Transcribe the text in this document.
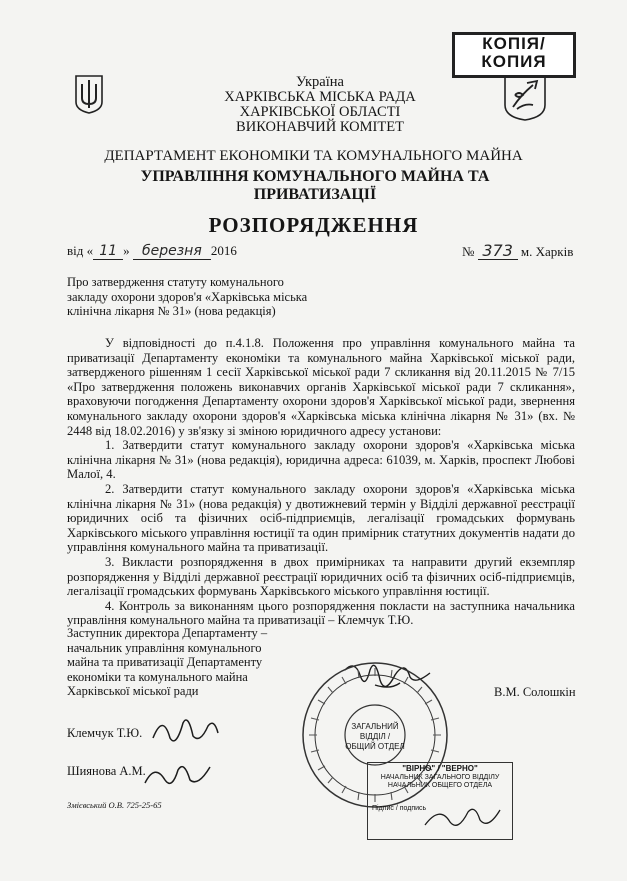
КОПІЯ/
КОПИЯ
Україна
ХАРКІВСЬКА МІСЬКА РАДА
ХАРКІВСЬКОЇ ОБЛАСТІ
ВИКОНАВЧИЙ КОМІТЕТ
ДЕПАРТАМЕНТ ЕКОНОМІКИ ТА КОМУНАЛЬНОГО МАЙНА
УПРАВЛІННЯ КОМУНАЛЬНОГО МАЙНА ТА
ПРИВАТИЗАЦІЇ
РОЗПОРЯДЖЕННЯ
від « 11 » березня 2016	№ 373 м. Харків
Про затвердження статуту комунального
закладу охорони здоров'я «Харківська міська
клінічна лікарня № 31» (нова редакція)

У відповідності до п.4.1.8. Положення про управління комунального майна та приватизації Департаменту економіки та комунального майна Харківської міської ради, затвердженого рішенням 1 сесії Харківської міської ради 7 скликання від 20.11.2015 № 7/15 «Про затвердження положень виконавчих органів Харківської міської ради 7 скликання», враховуючи погодження Департаменту охорони здоров'я Харківської міської ради, звернення комунального закладу охорони здоров'я «Харківська міська клінічна лікарня № 31» (вх. № 2448 від 18.02.2016) у зв'язку зі зміною юридичного адресу установи:

1. Затвердити статут комунального закладу охорони здоров'я «Харківська міська клінічна лікарня № 31» (нова редакція), юридична адреса: 61039, м. Харків, проспект Любові Малої, 4.

2. Затвердити статут комунального закладу охорони здоров'я «Харківська міська клінічна лікарня № 31» (нова редакція) у двотижневий термін у Відділі державної реєстрації юридичних осіб та фізичних осіб-підприємців, легалізації громадських формувань Харківського міського управління юстиції та один примірник статутних документів надати до управління комунального майна та приватизації.

3. Викласти розпорядження в двох примірниках та направити другий екземпляр розпорядження у Відділі державної реєстрації юридичних осіб та фізичних осіб-підприємців, легалізації громадських формувань Харківського міського управління юстиції.

4. Контроль за виконанням цього розпорядження покласти на заступника начальника управління комунального майна та приватизації – Клемчук Т.Ю.

Заступник директора Департаменту –
начальник управління комунального
майна та приватизації Департаменту
економіки та комунального майна
Харківської міської ради	В.М. Солошкін
ЗАГАЛЬНИЙ
ВІДДІЛ /
ОБЩИЙ ОТДЕЛ
"ВІРНО" / "ВЕРНО"
НАЧАЛЬНИК ЗАГАЛЬНОГО ВІДДІЛУ
НАЧАЛЬНИК ОБЩЕГО ОТДЕЛА
Підпис / подпись
Клемчук Т.Ю.
Шиянова А.М.
Змієвський О.В. 725-25-65
